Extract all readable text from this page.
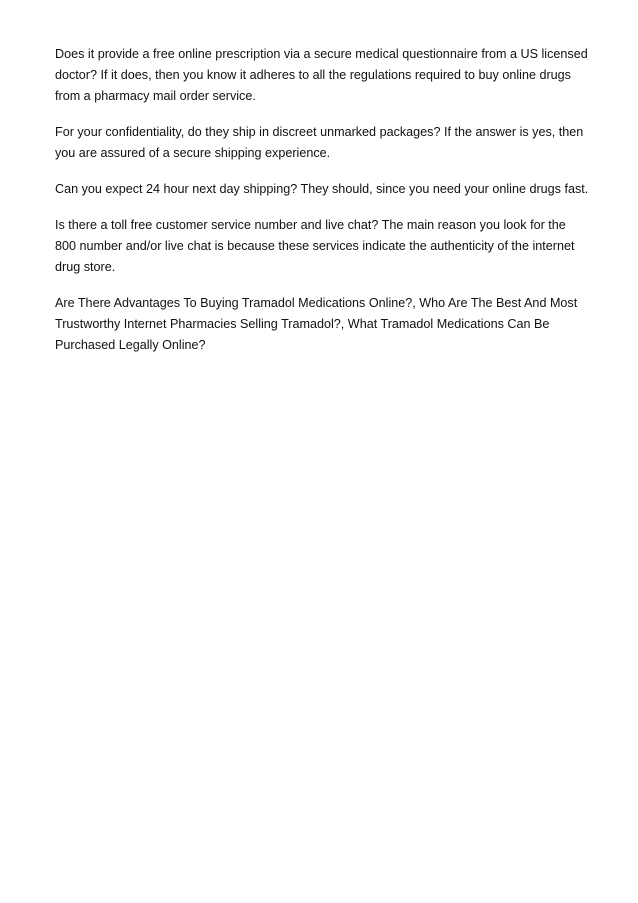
Does it provide a free online prescription via a secure medical questionnaire from a US licensed doctor? If it does, then you know it adheres to all the regulations required to buy online drugs from a pharmacy mail order service.

For your confidentiality, do they ship in discreet unmarked packages? If the answer is yes, then you are assured of a secure shipping experience.

Can you expect 24 hour next day shipping? They should, since you need your online drugs fast.

Is there a toll free customer service number and live chat? The main reason you look for the 800 number and/or live chat is because these services indicate the authenticity of the internet drug store.

Are There Advantages To Buying Tramadol Medications Online?, Who Are The Best And Most Trustworthy Internet Pharmacies Selling Tramadol?, What Tramadol Medications Can Be Purchased Legally Online?
